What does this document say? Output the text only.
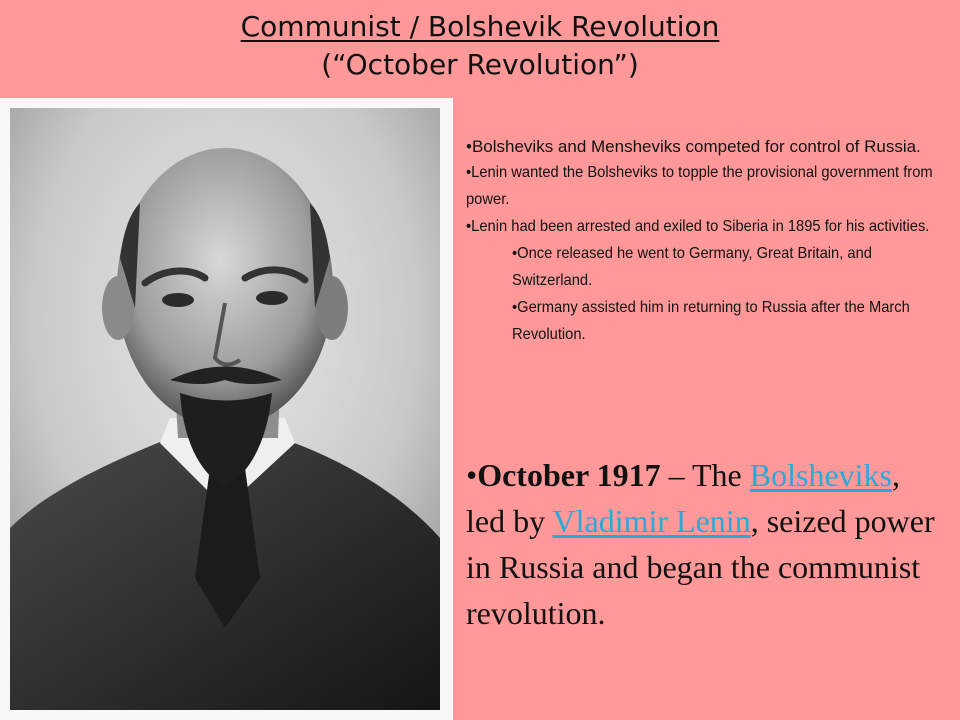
Communist / Bolshevik Revolution
(“October Revolution”)

•Bolsheviks and Mensheviks competed for control of Russia.

•Lenin wanted the Bolsheviks to topple the provisional government from power.

•Lenin had been arrested and exiled to Siberia in 1895 for his activities.

•Once released he went to Germany, Great Britain, and Switzerland.
•Germany assisted him in returning to Russia after the March Revolution.
•October 1917 – The Bolsheviks, led by Vladimir Lenin, seized power in Russia and began the communist revolution.
